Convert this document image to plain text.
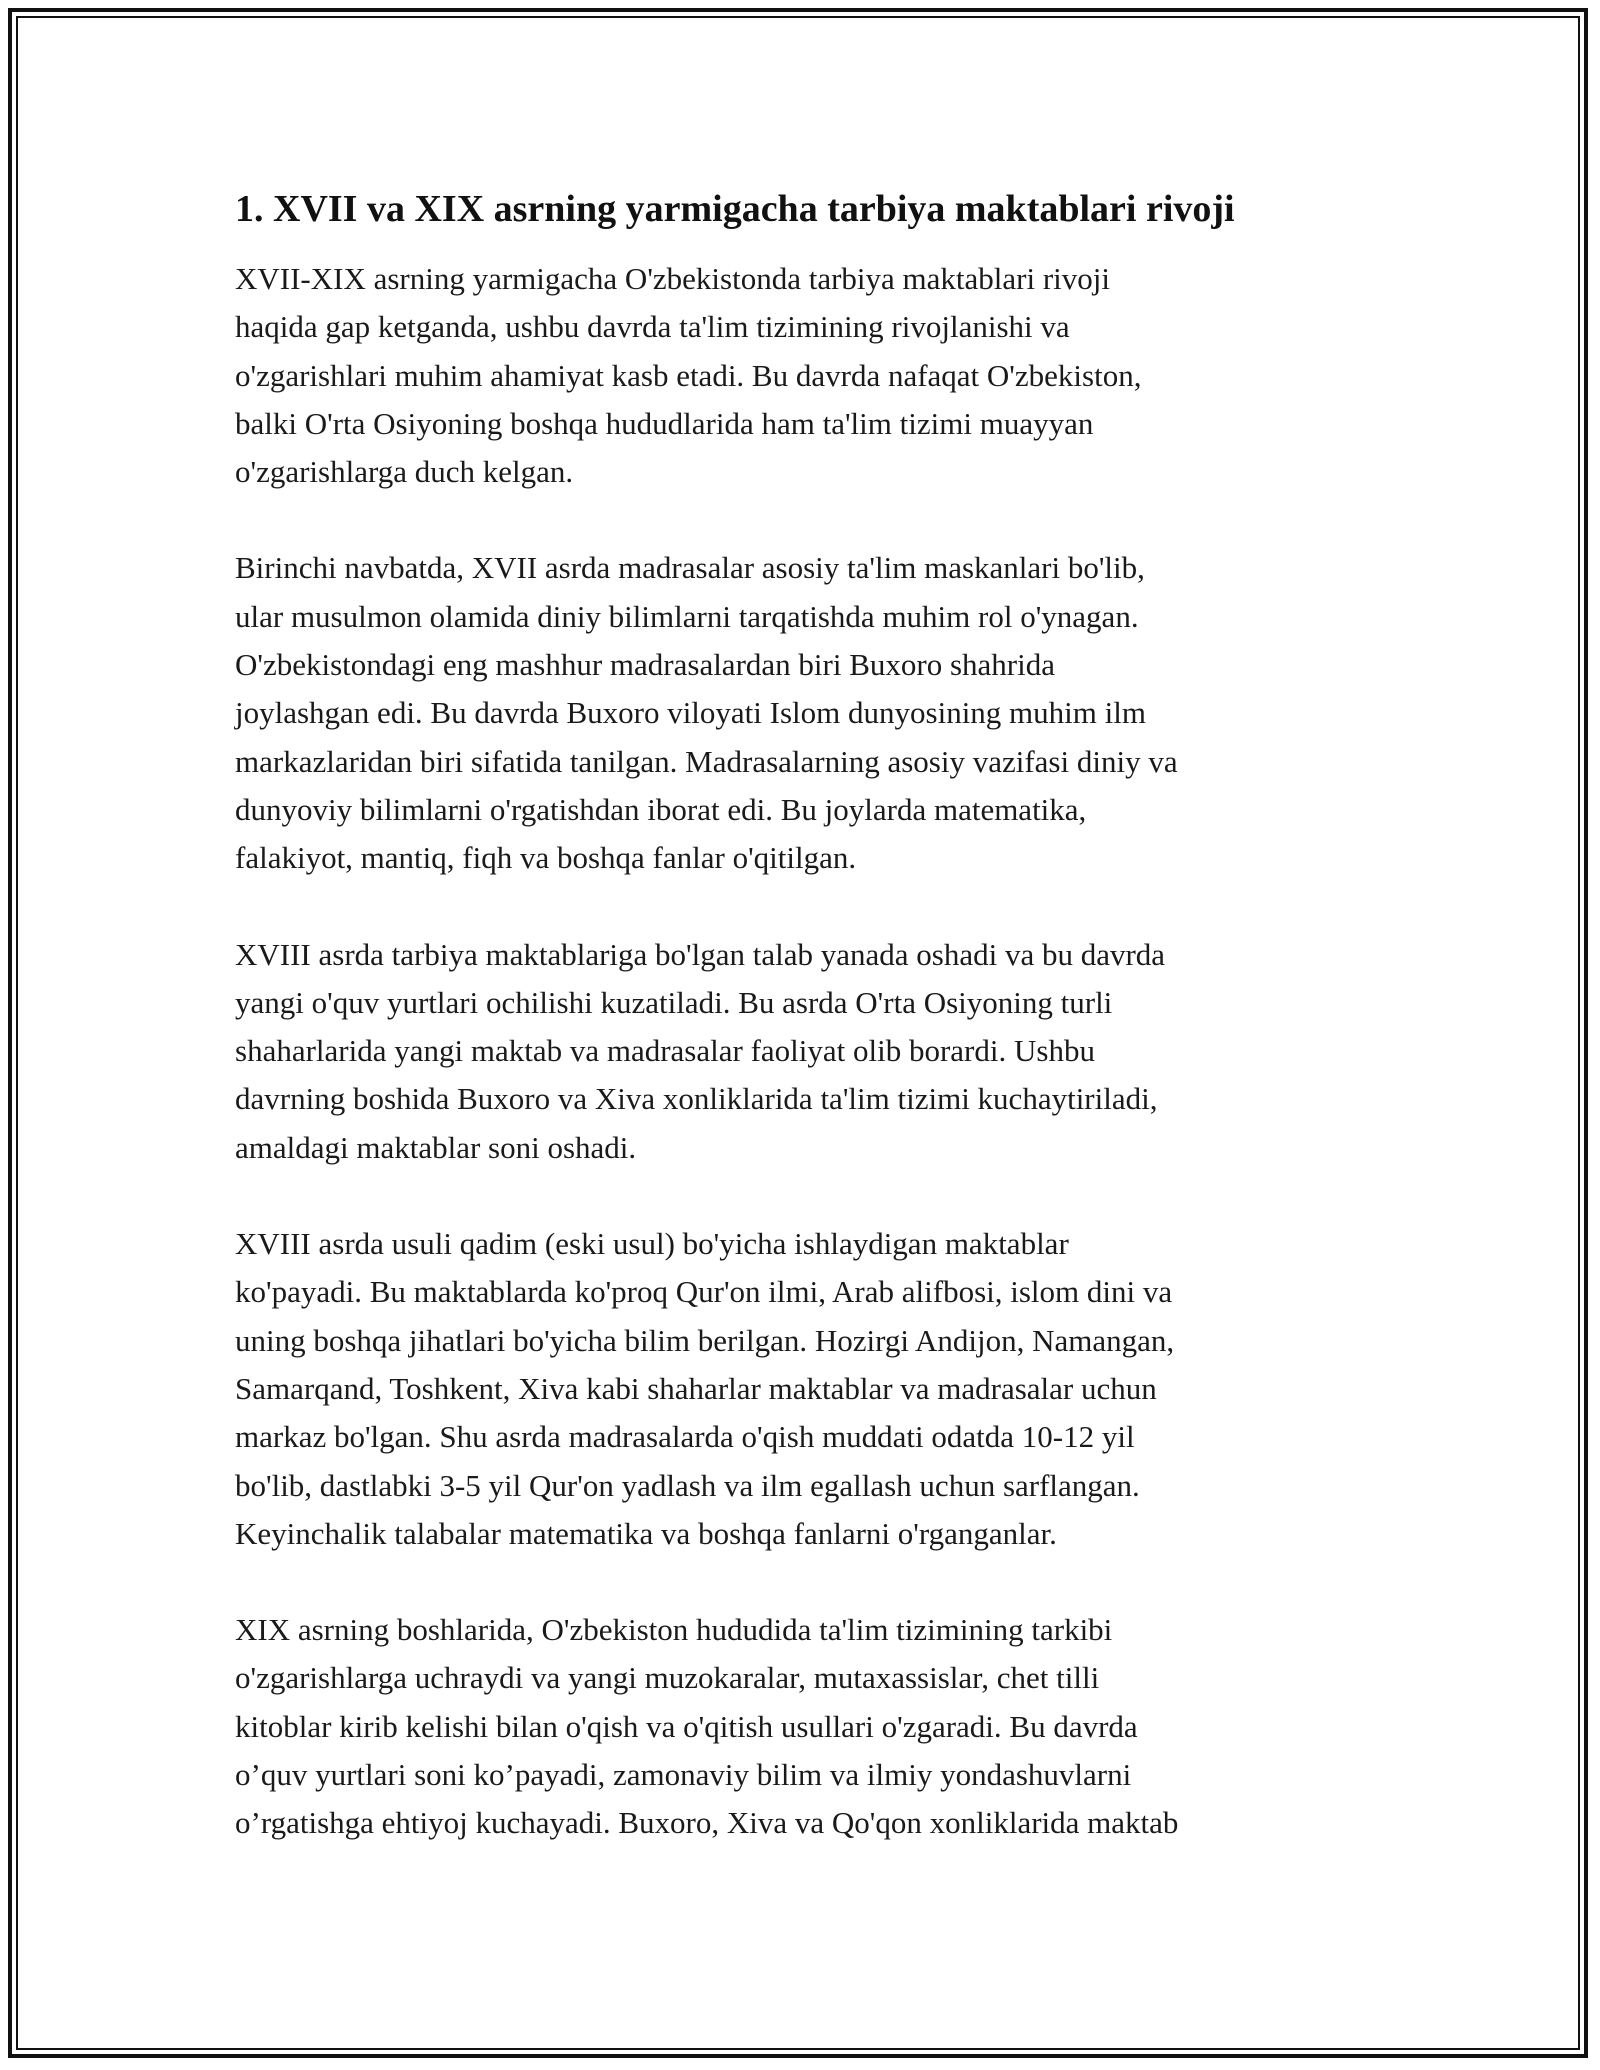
1. XVII va XIX asrning yarmigacha tarbiya maktablari rivoji

XVII-XIX asrning yarmigacha O'zbekistonda tarbiya maktablari rivoji
haqida gap ketganda, ushbu davrda ta'lim tizimining rivojlanishi va
o'zgarishlari muhim ahamiyat kasb etadi. Bu davrda nafaqat O'zbekiston,
balki O'rta Osiyoning boshqa hududlarida ham ta'lim tizimi muayyan
o'zgarishlarga duch kelgan.

Birinchi navbatda, XVII asrda madrasalar asosiy ta'lim maskanlari bo'lib,
ular musulmon olamida diniy bilimlarni tarqatishda muhim rol o'ynagan.
O'zbekistondagi eng mashhur madrasalardan biri Buxoro shahrida
joylashgan edi. Bu davrda Buxoro viloyati Islom dunyosining muhim ilm
markazlaridan biri sifatida tanilgan. Madrasalarning asosiy vazifasi diniy va
dunyoviy bilimlarni o'rgatishdan iborat edi. Bu joylarda matematika,
falakiyot, mantiq, fiqh va boshqa fanlar o'qitilgan.

XVIII asrda tarbiya maktablariga bo'lgan talab yanada oshadi va bu davrda
yangi o'quv yurtlari ochilishi kuzatiladi. Bu asrda O'rta Osiyoning turli
shaharlarida yangi maktab va madrasalar faoliyat olib borardi. Ushbu
davrning boshida Buxoro va Xiva xonliklarida ta'lim tizimi kuchaytiriladi,
amaldagi maktablar soni oshadi.

XVIII asrda usuli qadim (eski usul) bo'yicha ishlaydigan maktablar
ko'payadi. Bu maktablarda ko'proq Qur'on ilmi, Arab alifbosi, islom dini va
uning boshqa jihatlari bo'yicha bilim berilgan. Hozirgi Andijon, Namangan,
Samarqand, Toshkent, Xiva kabi shaharlar maktablar va madrasalar uchun
markaz bo'lgan. Shu asrda madrasalarda o'qish muddati odatda 10-12 yil
bo'lib, dastlabki 3-5 yil Qur'on yadlash va ilm egallash uchun sarflangan.
Keyinchalik talabalar matematika va boshqa fanlarni o'rganganlar.

XIX asrning boshlarida, O'zbekiston hududida ta'lim tizimining tarkibi
o'zgarishlarga uchraydi va yangi muzokaralar, mutaxassislar, chet tilli
kitoblar kirib kelishi bilan o'qish va o'qitish usullari o'zgaradi. Bu davrda
o’quv yurtlari soni ko’payadi, zamonaviy bilim va ilmiy yondashuvlarni
o’rgatishga ehtiyoj kuchayadi. Buxoro, Xiva va Qo'qon xonliklarida maktab
